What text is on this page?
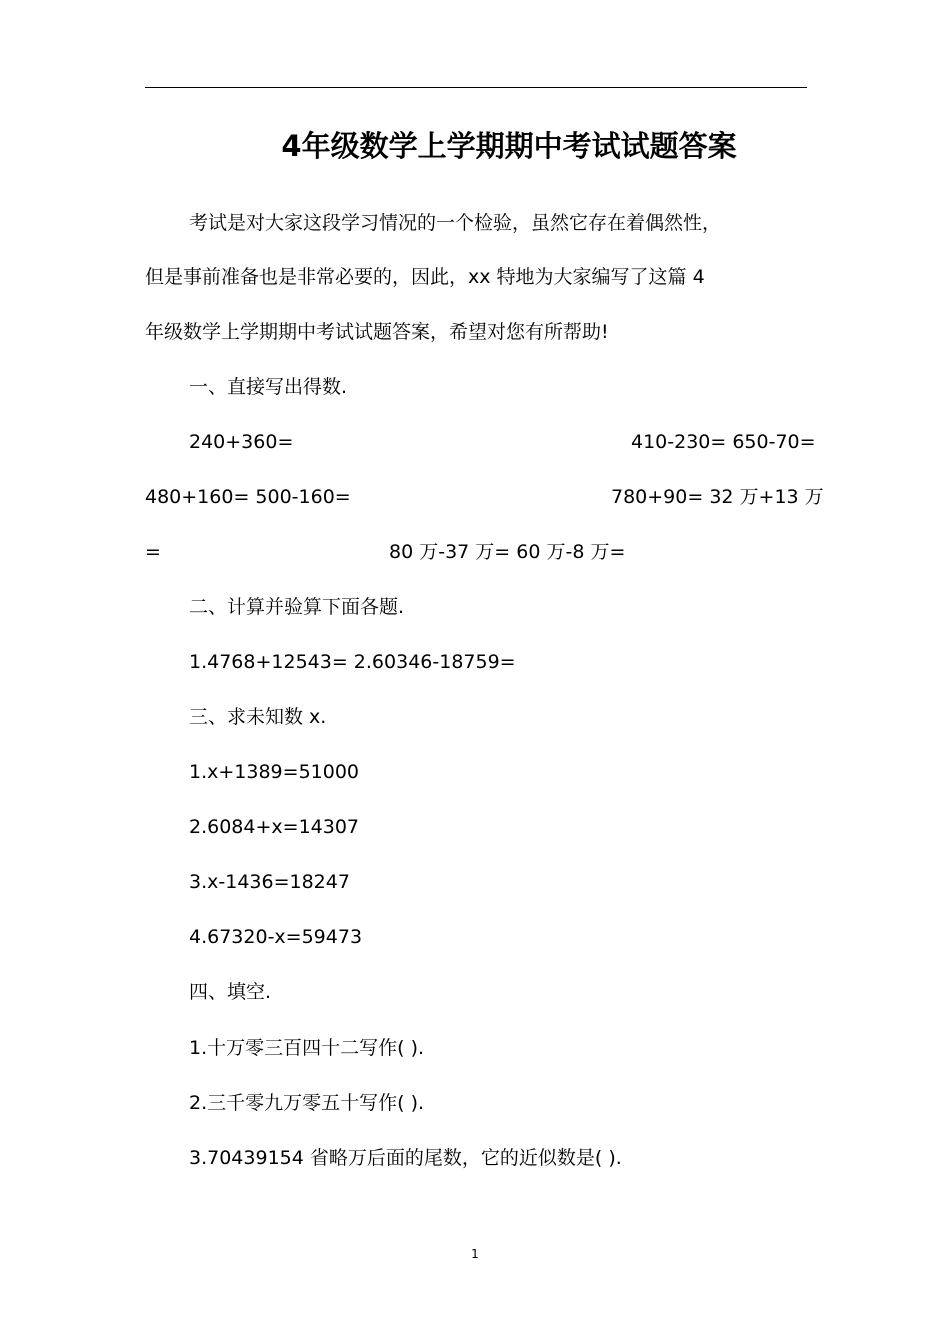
4年级数学上学期期中考试试题答案
考试是对大家这段学习情况的一个检验，虽然它存在着偶然性，
但是事前准备也是非常必要的，因此，xx 特地为大家编写了这篇 4
年级数学上学期期中考试试题答案，希望对您有所帮助!
一、直接写出得数.
240+360=	410-230= 650-70=
480+160= 500-160=	780+90= 32 万+13 万
=	80 万-37 万= 60 万-8 万=
二、计算并验算下面各题.
1.4768+12543= 2.60346-18759=
三、求未知数 x.
1.x+1389=51000
2.6084+x=14307
3.x-1436=18247
4.67320-x=59473
四、填空.
1.十万零三百四十二写作( ).
2.三千零九万零五十写作( ).
3.70439154 省略万后面的尾数，它的近似数是( ).
1
